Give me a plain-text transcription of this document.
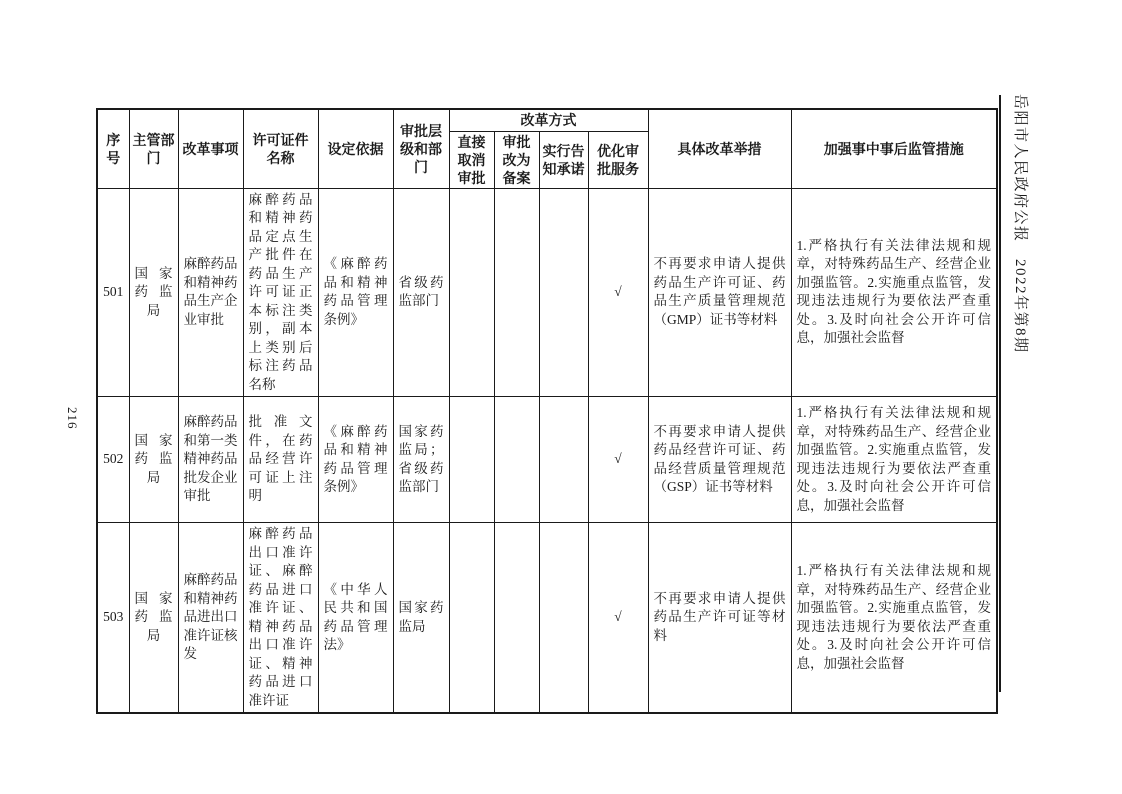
216
序号	主管部门	改革事项	许可证件名称	设定依据	审批层级和部门	改革方式				具体改革举措	加强事中事后监管措施
						直接取消审批	审批改为备案	实行告知承诺	优化审批服务		
501	国家药监局	麻醉药品和精神药品生产企业审批	麻醉药品和精神药品定点生产批件在药品生产许可证正本标注类别，副本上类别后标注药品名称	《麻醉药品和精神药品管理条例》	省级药监部门				√	不再要求申请人提供药品生产许可证、药品生产质量管理规范（GMP）证书等材料	1.严格执行有关法律法规和规章，对特殊药品生产、经营企业加强监管。2.实施重点监管，发现违法违规行为要依法严查重处。3.及时向社会公开许可信息，加强社会监督
502	国家药监局	麻醉药品和第一类精神药品批发企业审批	批准文件，在药品经营许可证上注明	《麻醉药品和精神药品管理条例》	国家药监局；省级药监部门				√	不再要求申请人提供药品经营许可证、药品经营质量管理规范（GSP）证书等材料	1.严格执行有关法律法规和规章，对特殊药品生产、经营企业加强监管。2.实施重点监管，发现违法违规行为要依法严查重处。3.及时向社会公开许可信息，加强社会监督
503	国家药监局	麻醉药品和精神药品进出口准许证核发	麻醉药品出口准许证、麻醉药品进口准许证、精神药品出口准许证、精神药品进口准许证	《中华人民共和国药品管理法》	国家药监局				√	不再要求申请人提供药品生产许可证等材料	1.严格执行有关法律法规和规章，对特殊药品生产、经营企业加强监管。2.实施重点监管，发现违法违规行为要依法严查重处。3.及时向社会公开许可信息，加强社会监督
岳阳市人民政府公报　2022年第8期
